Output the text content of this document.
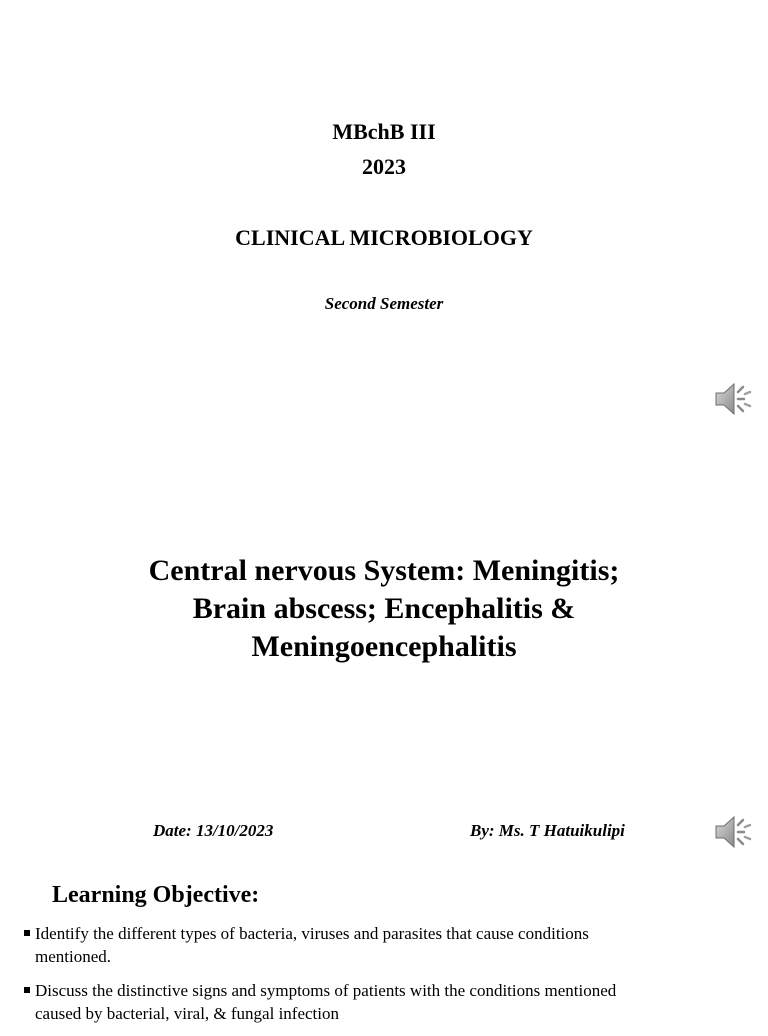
MBchB III
2023
CLINICAL MICROBIOLOGY
Second Semester
Central nervous System: Meningitis;
Brain abscess; Encephalitis &
Meningoencephalitis
Date: 13/10/2023	By: Ms. T Hatuikulipi
Learning Objective:
Identify the different types of bacteria, viruses and parasites that cause conditions
mentioned.
Discuss the distinctive signs and symptoms of patients with the conditions mentioned
caused by bacterial, viral, & fungal infection
